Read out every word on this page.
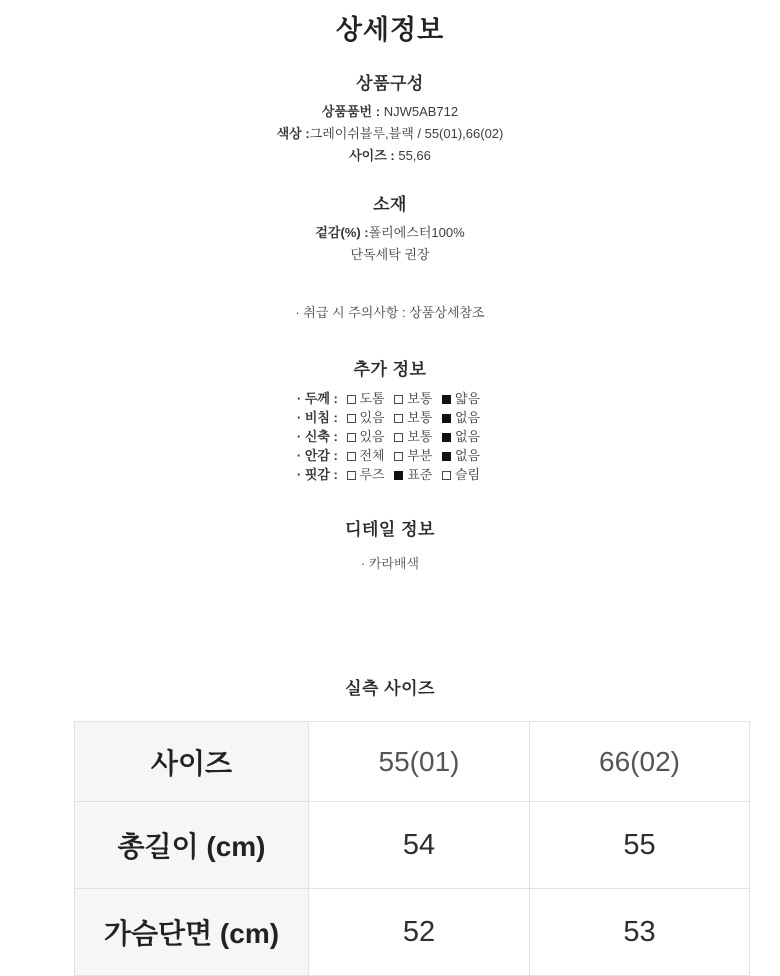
상세정보
상품구성
상품품번 : NJW5AB712
색상 :그레이쉬블루,블랙 / 55(01),66(02)
사이즈 : 55,66
소재
겉감(%) :폴리에스터100%
단독세탁 권장
· 취급 시 주의사항 : 상품상세참조
추가 정보
· 두께 : 도톰 보통 얇음
· 비침 : 있음 보통 없음
· 신축 : 있음 보통 없음
· 안감 : 전체 부분 없음
· 핏감 : 루즈 표준 슬림
디테일 정보
· 카라배색
실측 사이즈
사이즈	55(01)	66(02)
총길이 (cm)	54	55
가슴단면 (cm)	52	53
